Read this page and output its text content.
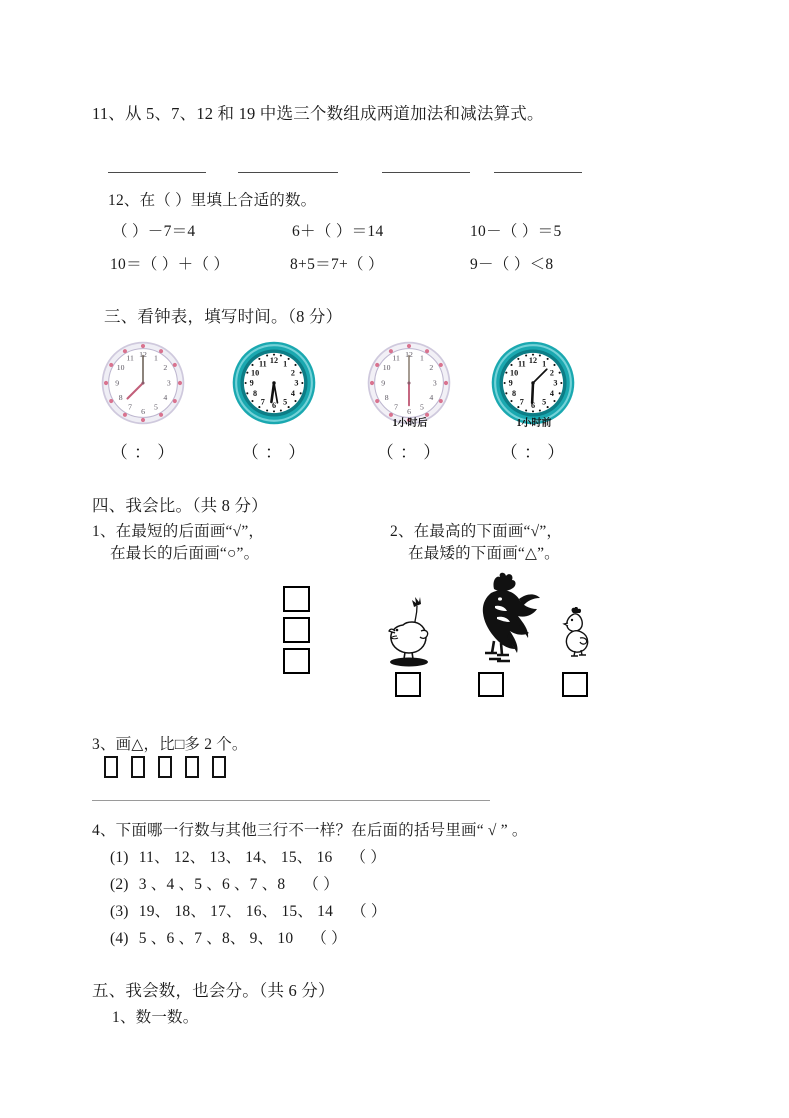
11、从 5、7、12 和 19 中选三个数组成两道加法和减法算式。
12、在（ ）里填上合适的数。
（ ）－7＝4	6＋（ ）＝14	10－（ ）＝5
10＝（ ）＋（ ）	8+5＝7+（ ）	9－（ ）＜8
三、看钟表，填写时间。（8 分）
12 1
2
3
4
5
6
7
8
9
10
11	12 1
2
3
4
5
6
7
8
9
10
11
12 1
2
3
4
5
6
7
8
9
10
11
1小时后
12 1
2
3
4
5
6
7
8
9
10
11
1小时前
（ ： ）	（ ： ）	（ ： ）	（ ： ）
四、我会比。（共 8 分）
1、在最短的后面画“√”，
在最长的后面画“○”。
2、在最高的下面画“√”，
在最矮的下面画“△”。
3、画△，比□多 2 个。
4、下面哪一行数与其他三行不一样？在后面的括号里画“ √ ” 。
(1) 11、 12、 13、 14、 15、 16 （ ）
(2) 3 、4 、5 、6 、7 、8 （ ）
(3) 19、 18、 17、 16、 15、 14 （ ）
(4) 5 、6 、7 、8、 9、 10 （ ）
五、我会数，也会分。（共 6 分）
1、数一数。
